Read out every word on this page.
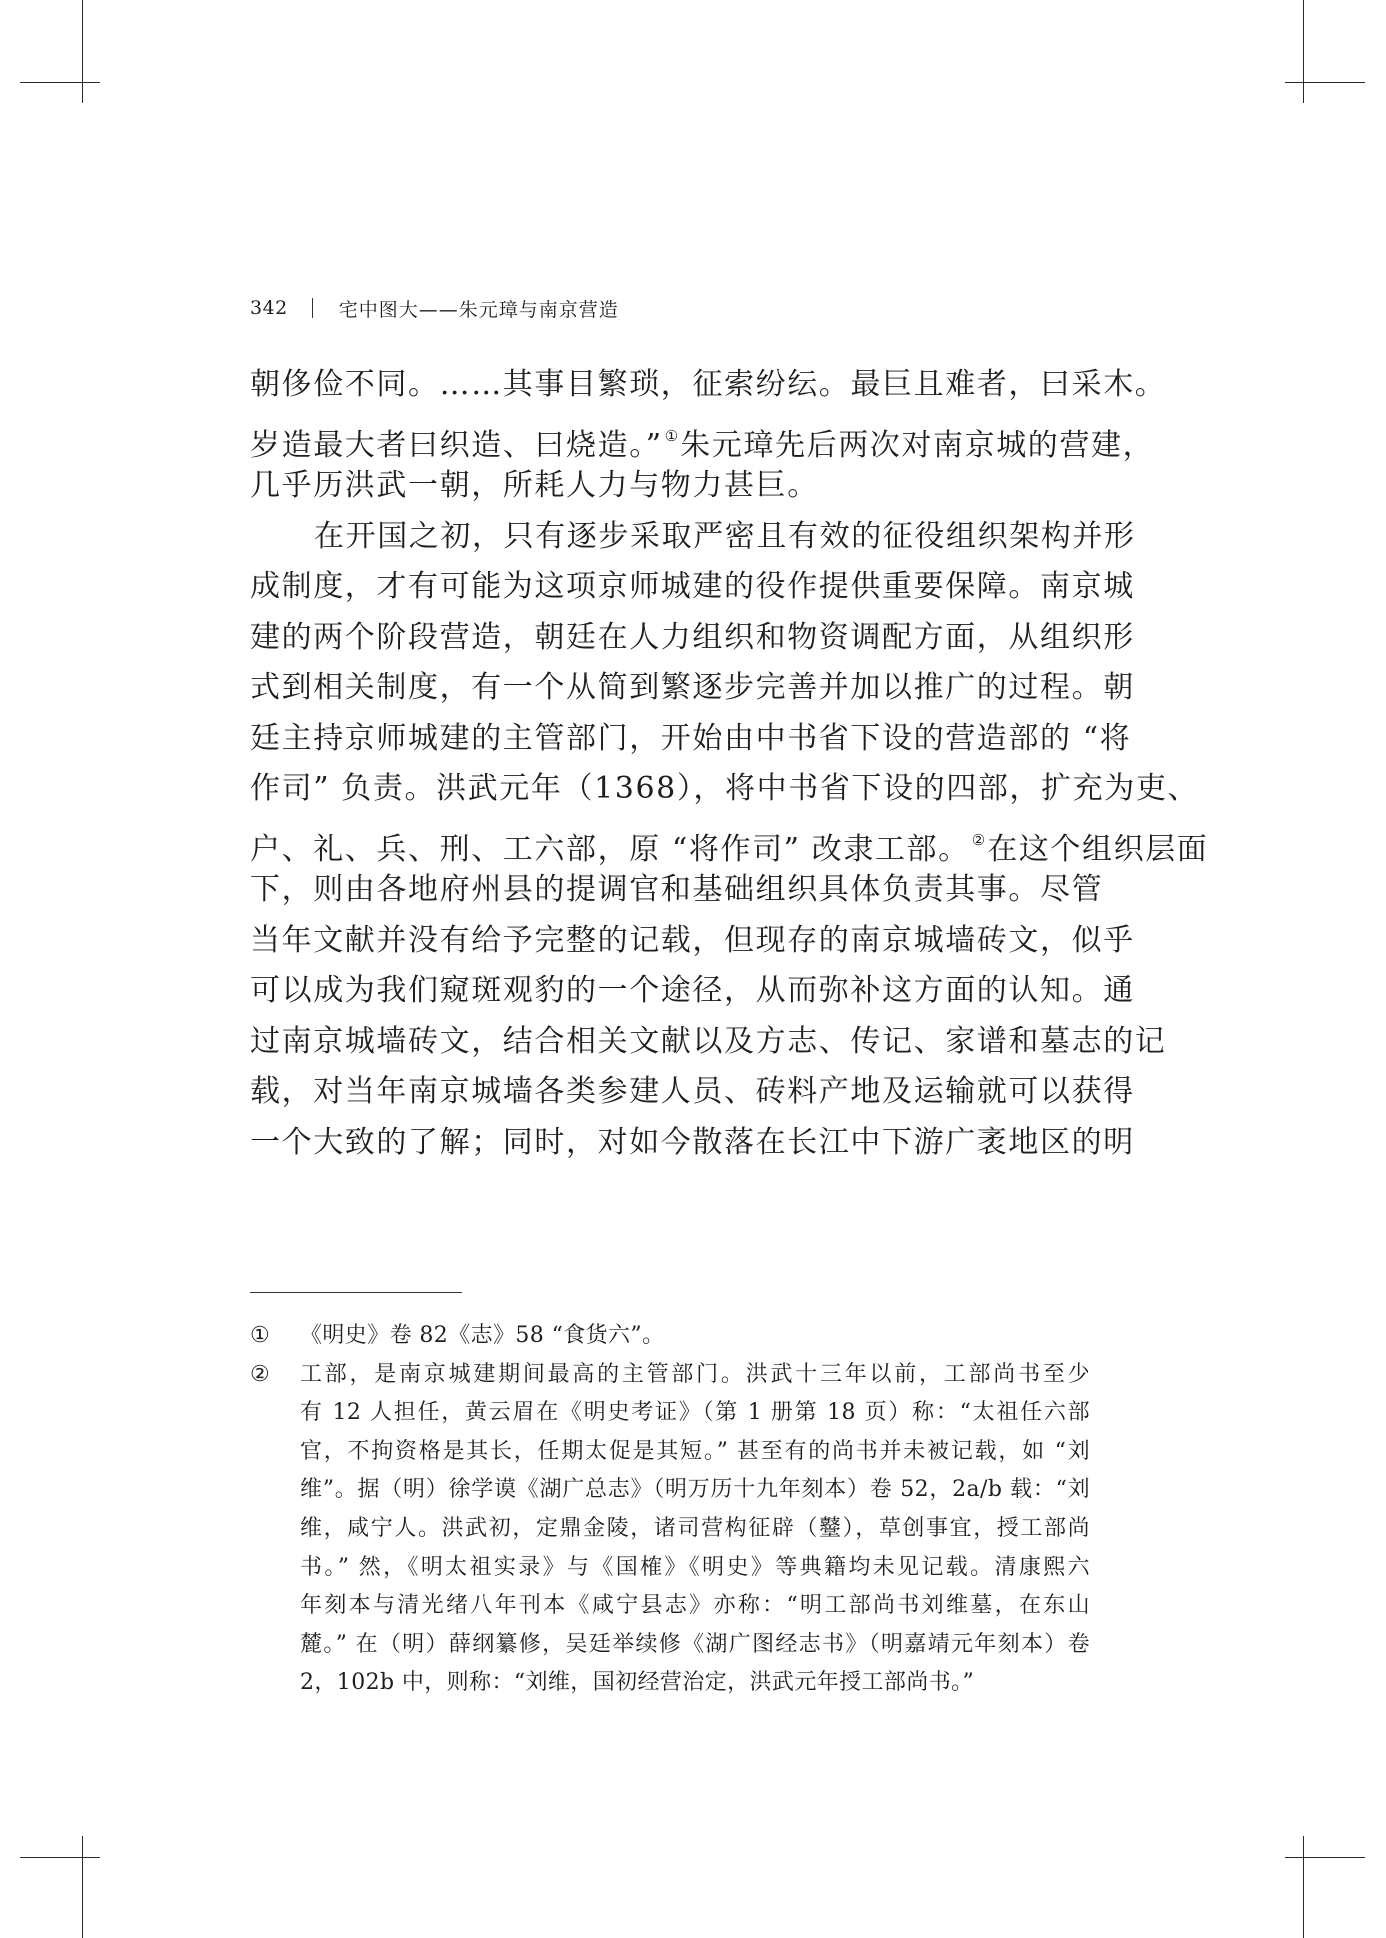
342	宅中图大——朱元璋与南京营造
朝侈俭不同。……其事目繁琐，征索纷纭。最巨且难者，曰采木。
岁造最大者曰织造、曰烧造。” ①朱元璋先后两次对南京城的营建，
几乎历洪武一朝，所耗人力与物力甚巨。
在开国之初，只有逐步采取严密且有效的征役组织架构并形
成制度，才有可能为这项京师城建的役作提供重要保障。南京城
建的两个阶段营造，朝廷在人力组织和物资调配方面，从组织形
式到相关制度，有一个从简到繁逐步完善并加以推广的过程。朝
廷主持京师城建的主管部门，开始由中书省下设的营造部的 “将
作司” 负责。洪武元年（1368），将中书省下设的四部，扩充为吏、
户、礼、兵、刑、工六部，原 “将作司” 改隶工部。 ②在这个组织层面
下，则由各地府州县的提调官和基础组织具体负责其事。尽管
当年文献并没有给予完整的记载，但现存的南京城墙砖文，似乎
可以成为我们窥斑观豹的一个途径，从而弥补这方面的认知。通
过南京城墙砖文，结合相关文献以及方志、传记、家谱和墓志的记
载，对当年南京城墙各类参建人员、砖料产地及运输就可以获得
一个大致的了解；同时，对如今散落在长江中下游广袤地区的明
①	《明史》卷 82《志》58 “食货六”。
②	工部，是南京城建期间最高的主管部门。洪武十三年以前，工部尚书至少
有 12 人担任，黄云眉在《明史考证》（第 1 册第 18 页）称：“太祖任六部
官，不拘资格是其长，任期太促是其短。” 甚至有的尚书并未被记载，如 “刘
维”。据（明）徐学谟《湖广总志》（明万历十九年刻本）卷 52，2a/b 载：“刘
维，咸宁人。洪武初，定鼎金陵，诸司营构征辟（鼞），草创事宜，授工部尚
书。” 然，《明太祖实录》与《国榷》《明史》等典籍均未见记载。清康熙六
年刻本与清光绪八年刊本《咸宁县志》亦称：“明工部尚书刘维墓，在东山
麓。” 在（明）薛纲纂修，吴廷举续修《湖广图经志书》（明嘉靖元年刻本）卷
2，102b 中，则称：“刘维，国初经营治定，洪武元年授工部尚书。”
